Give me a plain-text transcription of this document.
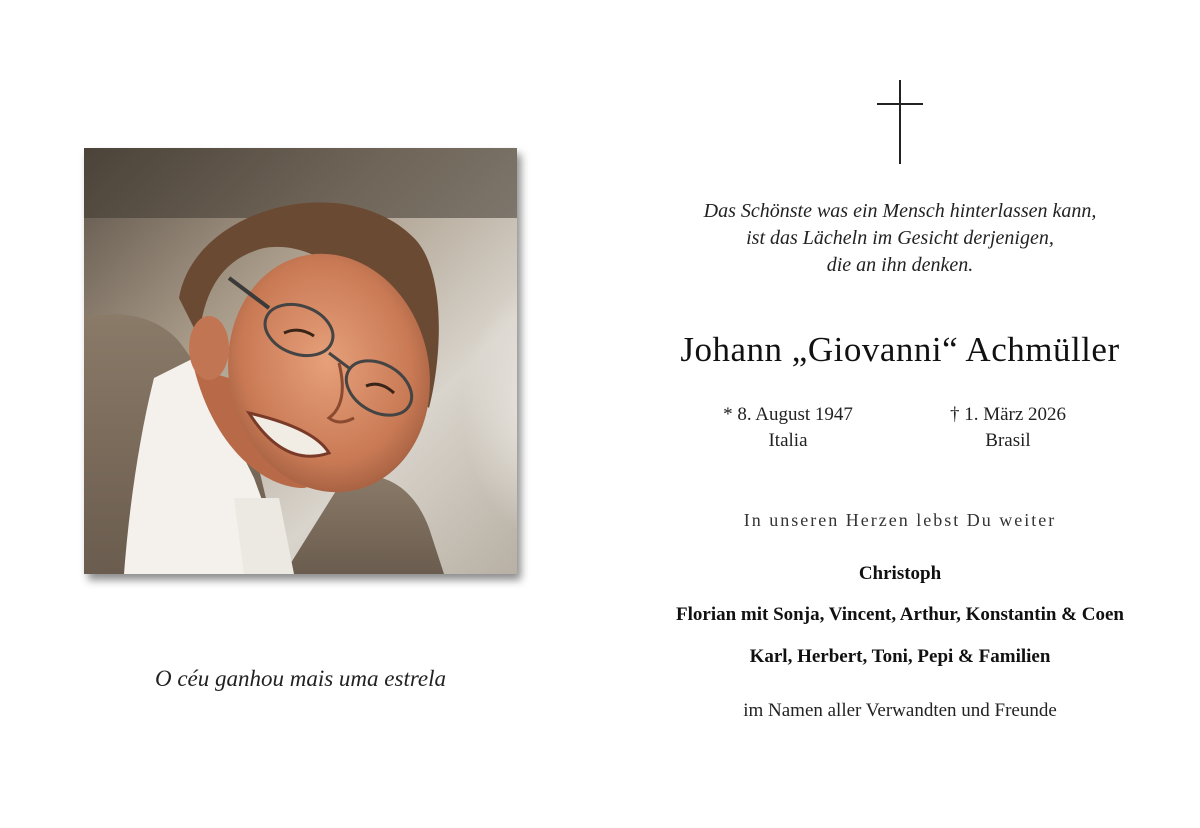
O céu ganhou mais uma estrela
Das Schönste was ein Mensch hinterlassen kann,
ist das Lächeln im Gesicht derjenigen,
die an ihn denken.
Johann „Giovanni“ Achmüller
* 8. August 1947
Italia
† 1. März 2026
Brasil
In unseren Herzen lebst Du weiter
Christoph
Florian mit Sonja, Vincent, Arthur, Konstantin & Coen
Karl, Herbert, Toni, Pepi & Familien
im Namen aller Verwandten und Freunde
